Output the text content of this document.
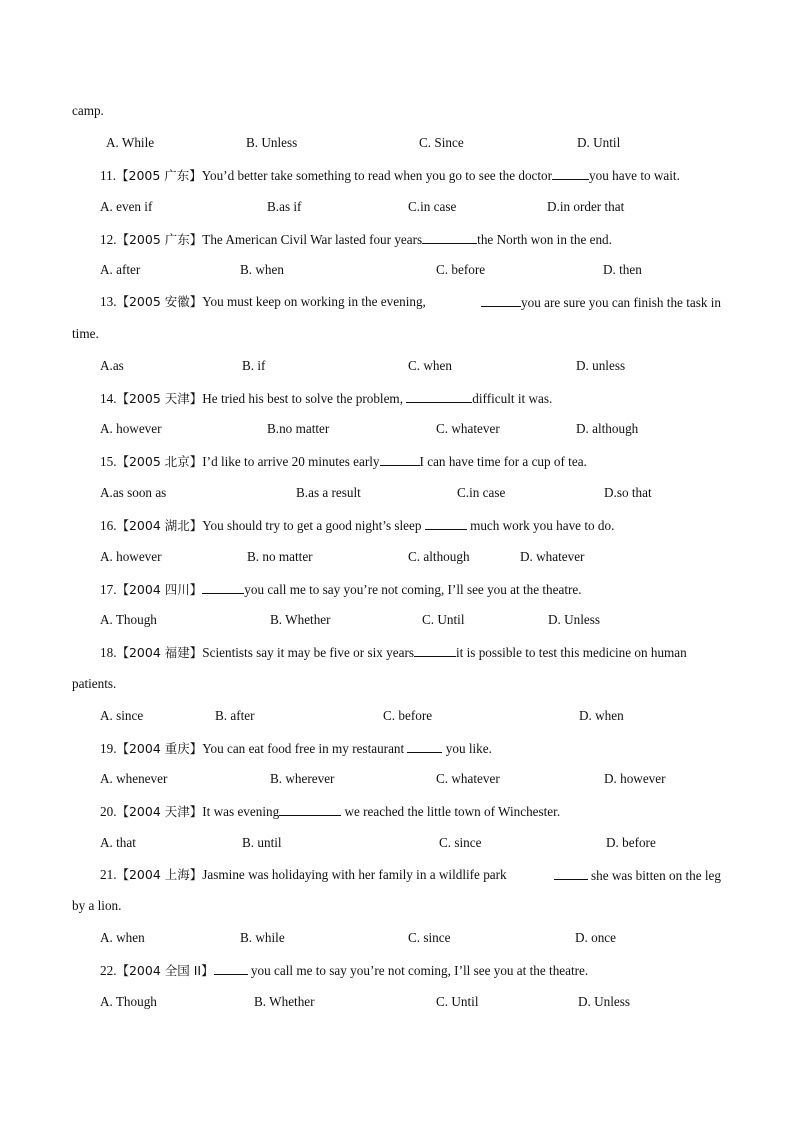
camp.
A. While	B. Unless	C. Since	D. Until
11.【2005 广东】You’d better take something to read when you go to see the doctor	you have to wait.
A. even if	B.as if	C.in case	D.in order that
12.【2005 广东】The American Civil War lasted four years	the North won in the end.
A. after	B. when	C. before	D. then
13.【2005 安徽】You must keep on working in the evening,	you are sure you can finish the task in
time.
A.as	B. if	C. when	D. unless
14.【2005 天津】He tried his best to solve the problem,	difficult it was.
A. however	B.no matter	C. whatever	D. although
15.【2005 北京】I’d like to arrive 20 minutes early	I can have time for a cup of tea.
A.as soon as	B.as a result	C.in case	D.so that
16.【2004 湖北】You should try to get a good night’s sleep	much work you have to do.
A. however	B. no matter	C. although	D. whatever
17.【2004 四川】	you call me to say you’re not coming, I’ll see you at the theatre.
A. Though	B. Whether	C. Until	D. Unless
18.【2004 福建】Scientists say it may be five or six years	it is possible to test this medicine on human
patients.
A. since	B. after	C. before	D. when
19.【2004 重庆】You can eat food free in my restaurant	you like.
A. whenever	B. wherever	C. whatever	D. however
20.【2004 天津】It was evening	we reached the little town of Winchester.
A. that	B. until	C. since	D. before
21.【2004 上海】Jasmine was holidaying with her family in a wildlife park	she was bitten on the leg
by a lion.
A. when	B. while	C. since	D. once
22.【2004 全国 II】	you call me to say you’re not coming, I’ll see you at the theatre.
A. Though	B. Whether	C. Until	D. Unless
